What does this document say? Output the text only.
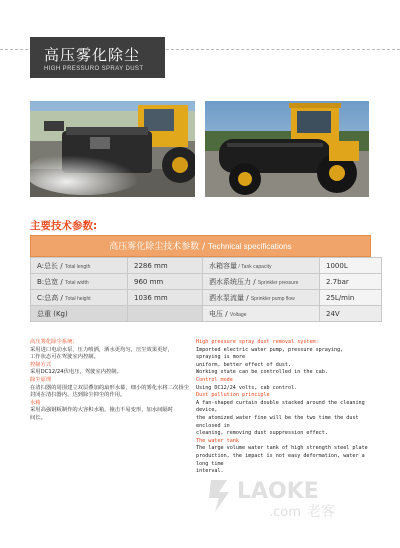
高压雾化除尘
HIGH PRESSURO SPRAY DUST
主要技术参数:
高压雾化除尘技术参数 / Technical specifications
A:总长 / Total length	2286 mm	水箱容量 / Tank capacity	1000L
B:总宽 / Total width	960 mm	洒水系统压力 / Sprinkler pressure	2.7bar
C:总高 / Total height	1036 mm	洒水泵流量 / Sprinkler pump flow	25L/min
总重 (Kg)		电压 / Voltage	24V
高压雾化除尘系统:
采用进口电动水泵，压力喷洒，洒水更均匀，压尘效果更好，
工作状态可在驾驶室内控制。
控制方式
采用DC12/24伏电压，驾驶室内控制。
除尘原理
在清扫器的周围建立双层叠加的扇形水幕，细小的雾化水将二次扬尘
封闭在清扫器内，达到除尘抑尘的作用。
水箱
采用高强钢板制作的大容积水箱，撞击不易变形，加水间隔时
间长。
High pressure spray dust removal system:
Imported electric water pump, pressure spraying, spraying is more
uniform, better effect of dust.
Working state can be controlled in the cab.
Control mode
Using DC12/24 volts, cab control.
Dust pollution principle
A fan-shaped curtain double stacked around the cleaning device,
the atomized water fine will be the two time the dust enclosed in
cleaning, removing dust suppression effect.
The water tank
The large volume water tank of high strength steel plate
production, the impact is not easy deformation, water a long time
interval.
LAOKE
.com 老客
